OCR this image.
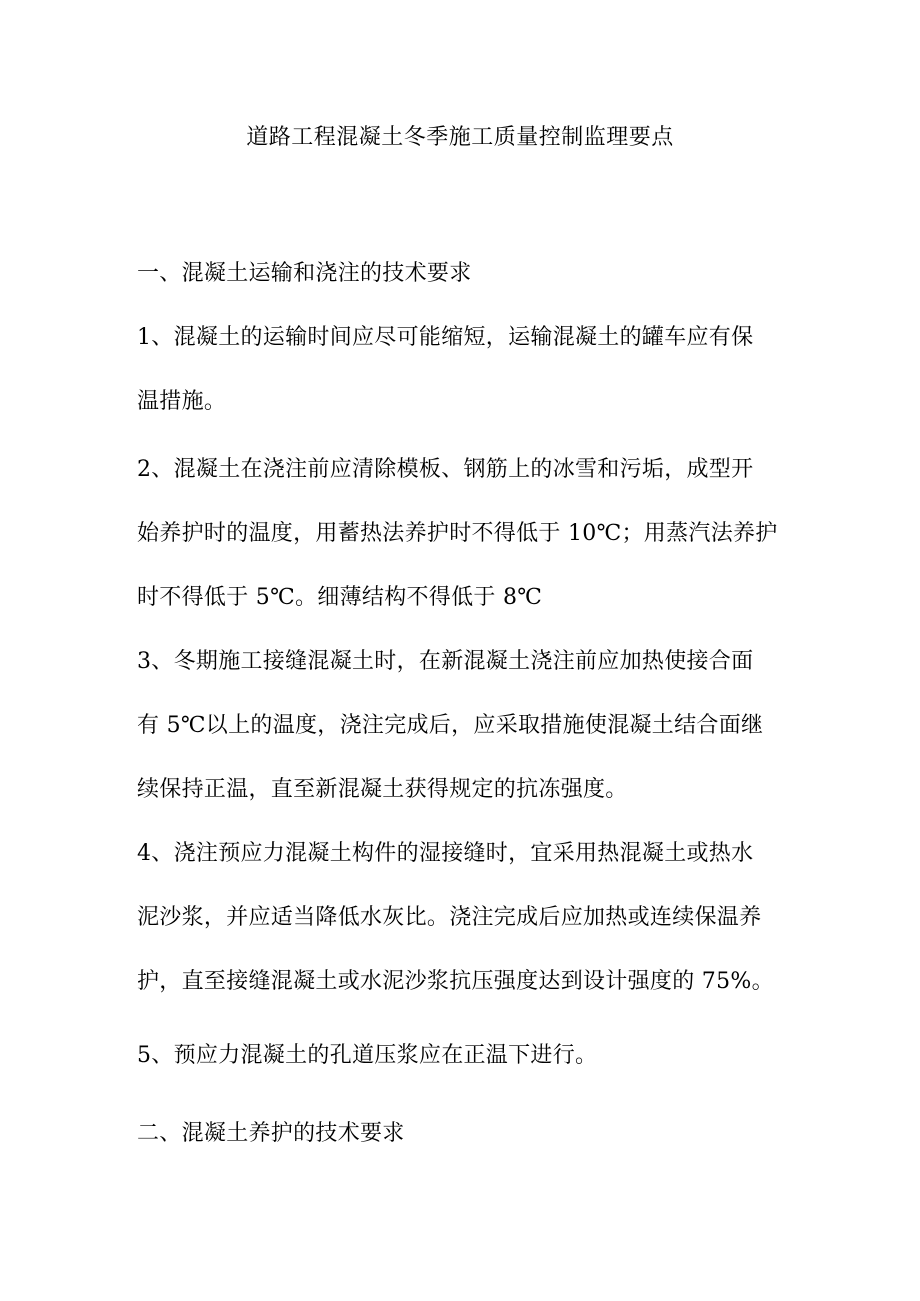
道路工程混凝土冬季施工质量控制监理要点
一、混凝土运输和浇注的技术要求
1、混凝土的运输时间应尽可能缩短，运输混凝土的罐车应有保
温措施。
2、混凝土在浇注前应清除模板、钢筋上的冰雪和污垢，成型开
始养护时的温度，用蓄热法养护时不得低于 10℃；用蒸汽法养护
时不得低于 5℃。细薄结构不得低于 8℃
3、冬期施工接缝混凝土时，在新混凝土浇注前应加热使接合面
有 5℃以上的温度，浇注完成后，应采取措施使混凝土结合面继
续保持正温，直至新混凝土获得规定的抗冻强度。
4、浇注预应力混凝土构件的湿接缝时，宜采用热混凝土或热水
泥沙浆，并应适当降低水灰比。浇注完成后应加热或连续保温养
护，直至接缝混凝土或水泥沙浆抗压强度达到设计强度的 75%。
5、预应力混凝土的孔道压浆应在正温下进行。
二、混凝土养护的技术要求
